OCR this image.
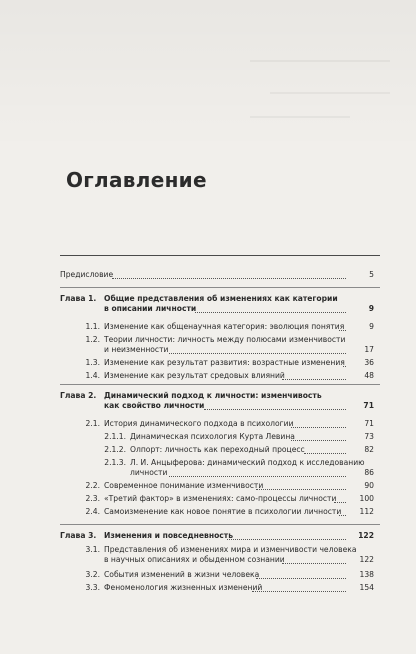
Оглавление
Предисловие	5
Глава 1. Общие представления об изменениях как категории
в описании личности	9
1.1. Изменение как общенаучная категория: эволюция понятия	9
1.2. Теории личности: личность между полюсами изменчивости
и неизменности	17
1.3. Изменение как результат развития: возрастные изменения	36
1.4. Изменение как результат средовых влияний	48
Глава 2. Динамический подход к личности: изменчивость
как свойство личности	71
2.1. История динамического подхода в психологии	71
2.1.1. Динамическая психология Курта Левина	73
2.1.2. Олпорт: личность как переходный процесс	82
2.1.3. Л. И. Анцыферова: динамический подход к исследованию
личности	86
2.2. Современное понимание изменчивости	90
2.3. «Третий фактор» в изменениях: само-процессы личности	100
2.4. Самоизменение как новое понятие в психологии личности 112
Глава 3. Изменения и повседневность	122
3.1. Представления об изменениях мира и изменчивости человека
в научных описаниях и обыденном сознании	122
3.2. События изменений в жизни человека	138
3.3. Феноменология жизненных изменений	154
